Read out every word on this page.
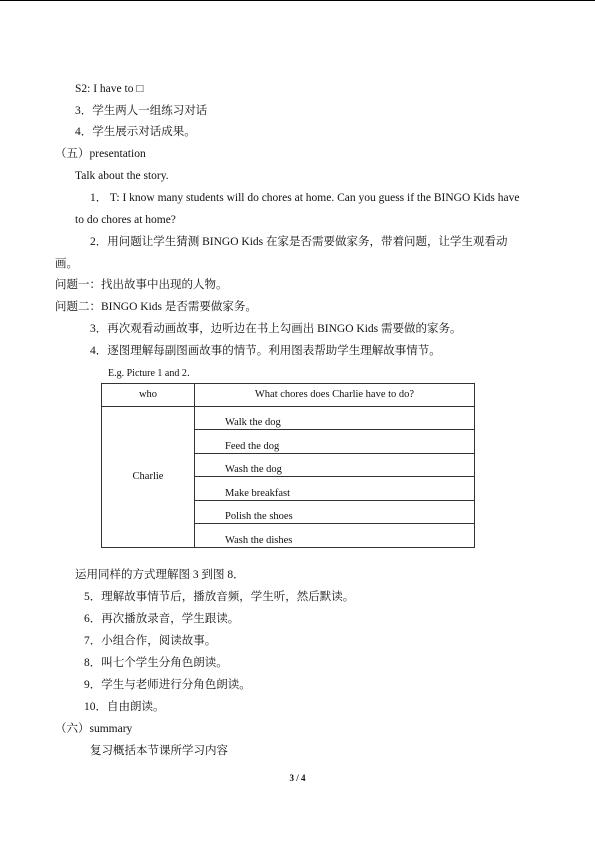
S2: I have to □
3．学生两人一组练习对话
4．学生展示对话成果。
（五）presentation
Talk about the story.
1． T: I know many students will do chores at home. Can you guess if the BINGO Kids have
to do chores at home?
2．用问题让学生猜测 BINGO Kids 在家是否需要做家务，带着问题，让学生观看动
画。
问题一：找出故事中出现的人物。
问题二：BINGO Kids 是否需要做家务。
3．再次观看动画故事，边听边在书上勾画出 BINGO Kids 需要做的家务。
4．逐图理解每副图画故事的情节。利用图表帮助学生理解故事情节。
E.g. Picture 1 and 2．
who	What chores does Charlie have to do?
Charlie	Walk the dog
	Feed the dog
	Wash the dog
	Make breakfast
	Polish the shoes
	Wash the dishes
运用同样的方式理解图 3 到图 8．
5．理解故事情节后，播放音频，学生听，然后默读。
6．再次播放录音，学生跟读。
7．小组合作，阅读故事。
8．叫七个学生分角色朗读。
9．学生与老师进行分角色朗读。
10．自由朗读。
（六）summary
复习概括本节课所学习内容
3 / 4
